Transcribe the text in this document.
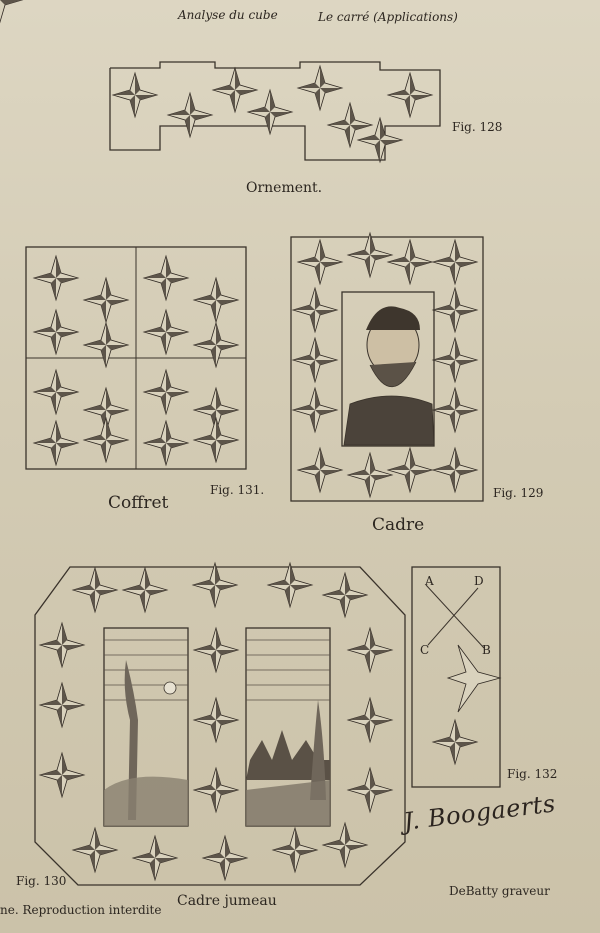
Analyse du cube	Le carré (Applications)
Fig. 128
Ornement.
Fig. 131.
Coffret	Fig. 129
Cadre
Fig. 130
Cadre jumeau
Fig. 132
A	D
C	B
ne. Reproduction interdite
DeBatty graveur
J. Boogaerts
